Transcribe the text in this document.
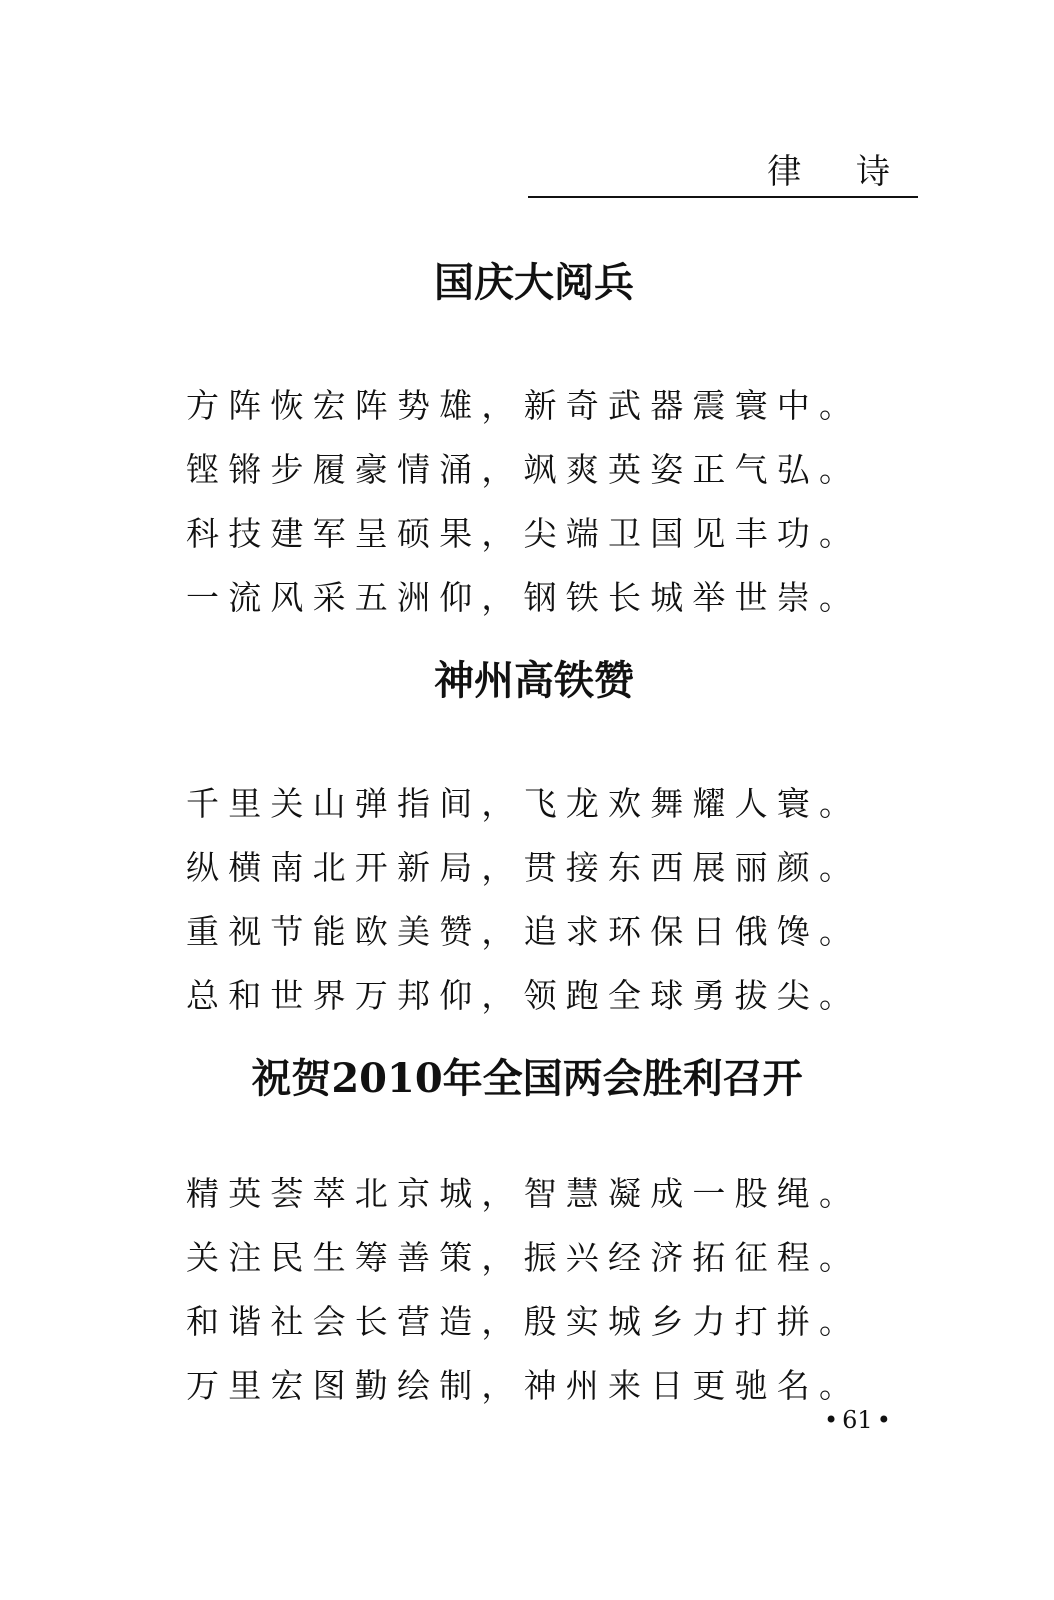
律 诗
国庆大阅兵
方阵恢宏阵势雄，新奇武器震寰中。
铿锵步履豪情涌，飒爽英姿正气弘。
科技建军呈硕果，尖端卫国见丰功。
一流风采五洲仰，钢铁长城举世崇。
神州高铁赞
千里关山弹指间，飞龙欢舞耀人寰。
纵横南北开新局，贯接东西展丽颜。
重视节能欧美赞，追求环保日俄馋。
总和世界万邦仰，领跑全球勇拔尖。
祝贺2010年全国两会胜利召开
精英荟萃北京城，智慧凝成一股绳。
关注民生筹善策，振兴经济拓征程。
和谐社会长营造，殷实城乡力打拼。
万里宏图勤绘制，神州来日更驰名。
• 61 •
